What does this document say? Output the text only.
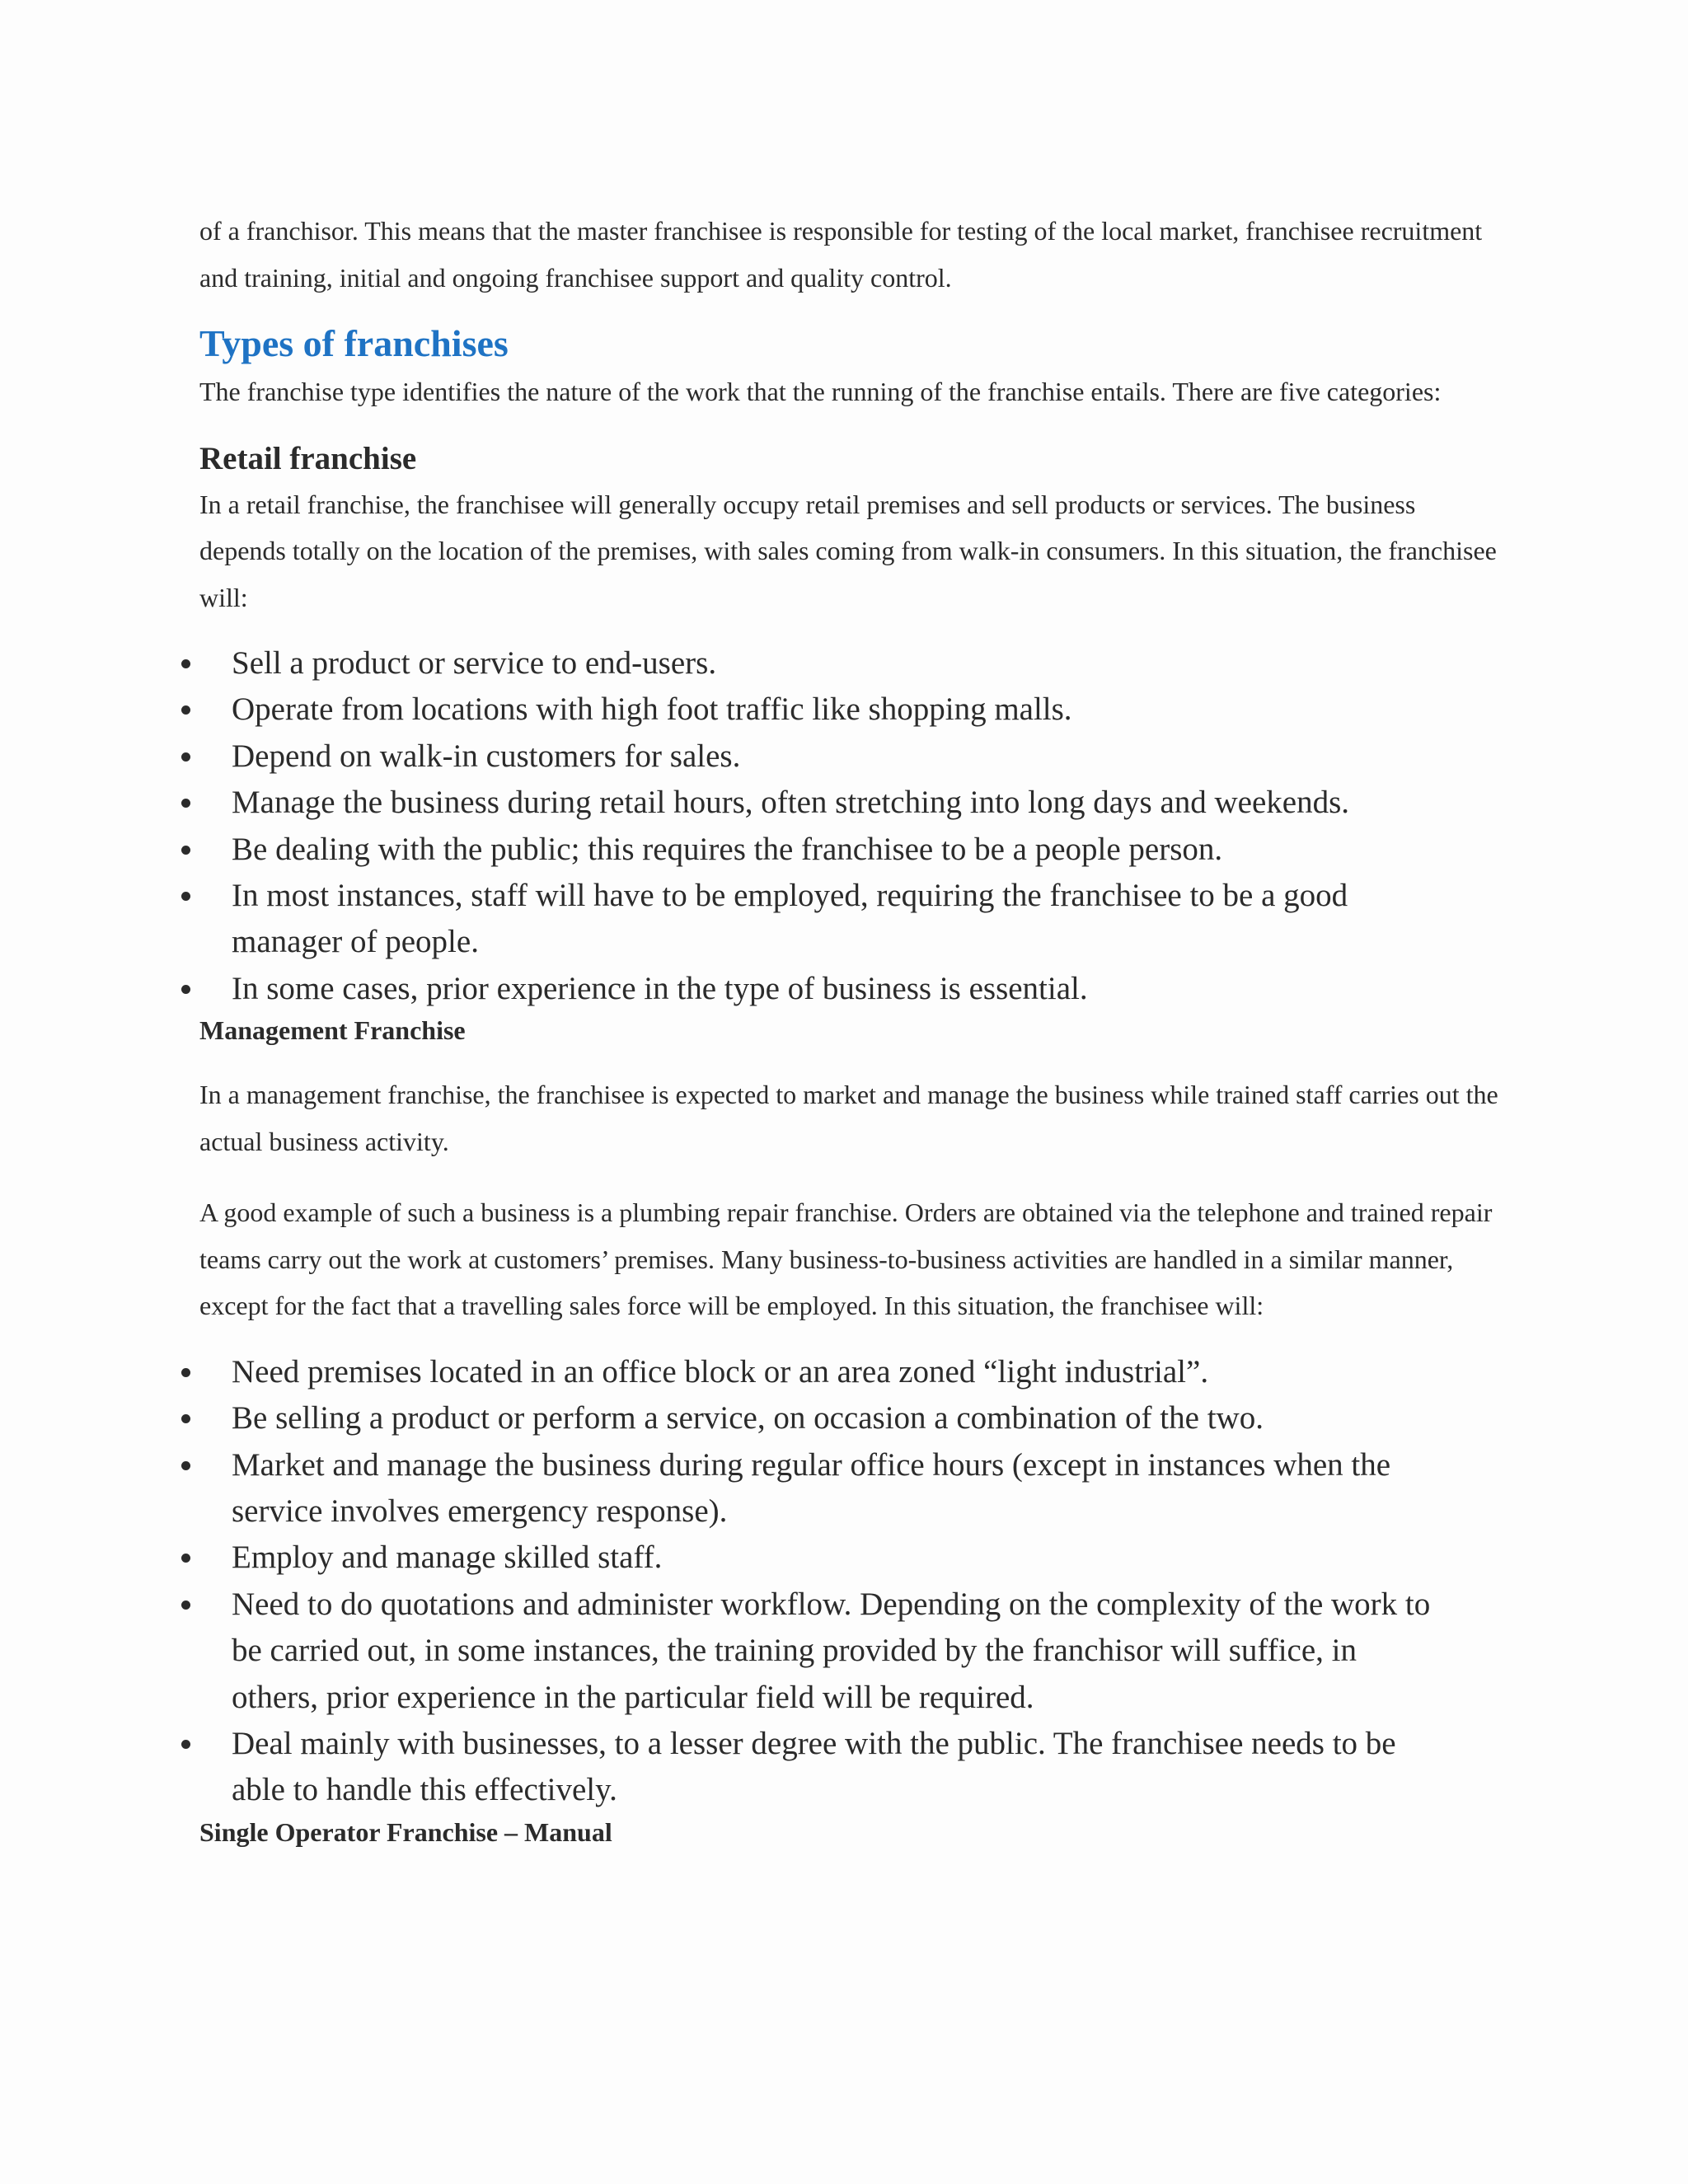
of a franchisor. This means that the master franchisee is responsible for testing of the local market, franchisee recruitment and training, initial and ongoing franchisee support and quality control.

Types of franchises

The franchise type identifies the nature of the work that the running of the franchise entails. There are five categories:

Retail franchise

In a retail franchise, the franchisee will generally occupy retail premises and sell products or services. The business depends totally on the location of the premises, with sales coming from walk-in consumers. In this situation, the franchisee will:

Sell a product or service to end-users.
Operate from locations with high foot traffic like shopping malls.
Depend on walk-in customers for sales.
Manage the business during retail hours, often stretching into long days and weekends.
Be dealing with the public; this requires the franchisee to be a people person.
In most instances, staff will have to be employed, requiring the franchisee to be a good manager of people.
In some cases, prior experience in the type of business is essential.
Management Franchise

In a management franchise, the franchisee is expected to market and manage the business while trained staff carries out the actual business activity.

A good example of such a business is a plumbing repair franchise. Orders are obtained via the telephone and trained repair teams carry out the work at customers’ premises. Many business-to-business activities are handled in a similar manner, except for the fact that a travelling sales force will be employed. In this situation, the franchisee will:

Need premises located in an office block or an area zoned “light industrial”.
Be selling a product or perform a service, on occasion a combination of the two.
Market and manage the business during regular office hours (except in instances when the service involves emergency response).
Employ and manage skilled staff.
Need to do quotations and administer workflow. Depending on the complexity of the work to be carried out, in some instances, the training provided by the franchisor will suffice, in others, prior experience in the particular field will be required.
Deal mainly with businesses, to a lesser degree with the public. The franchisee needs to be able to handle this effectively.
Single Operator Franchise – Manual
